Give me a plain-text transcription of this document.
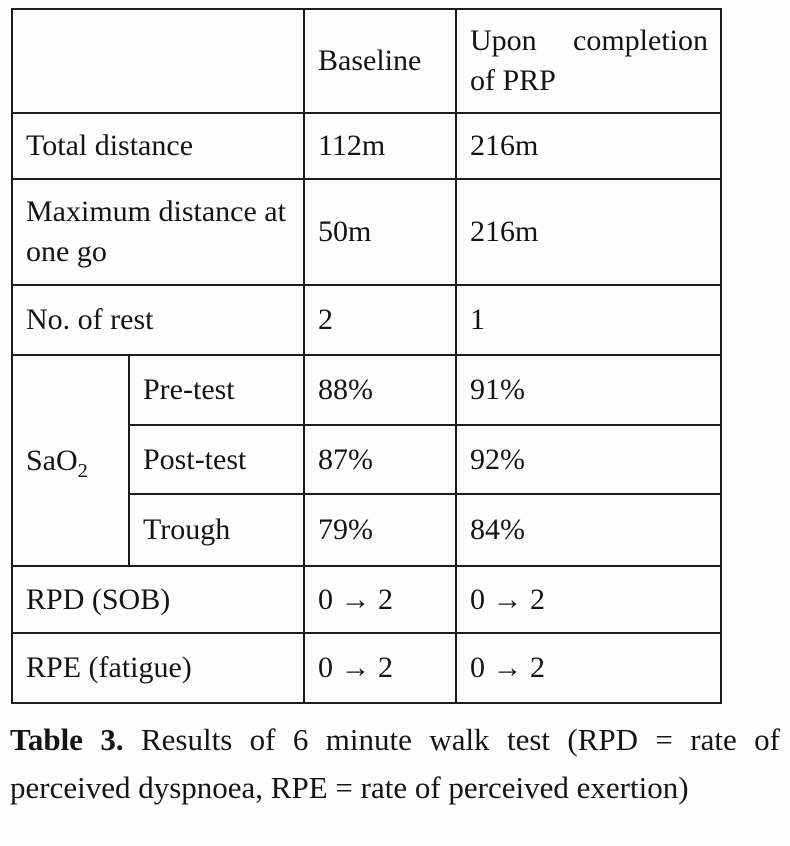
		Baseline	Upon completion
of PRP

Total distance		112m	216m
Maximum distance at one go		50m	216m
No. of rest		2	1
SaO$_2$	Pre-test	88%	91%
	Post-test	87%	92%
	Trough	79%	84%
RPD (SOB)		0 → 2	0 → 2
RPE (fatigue)		0 → 2	0 → 2
Table 3. Results of 6 minute walk test (RPD = rate of
perceived dyspnoea, RPE = rate of perceived exertion)
